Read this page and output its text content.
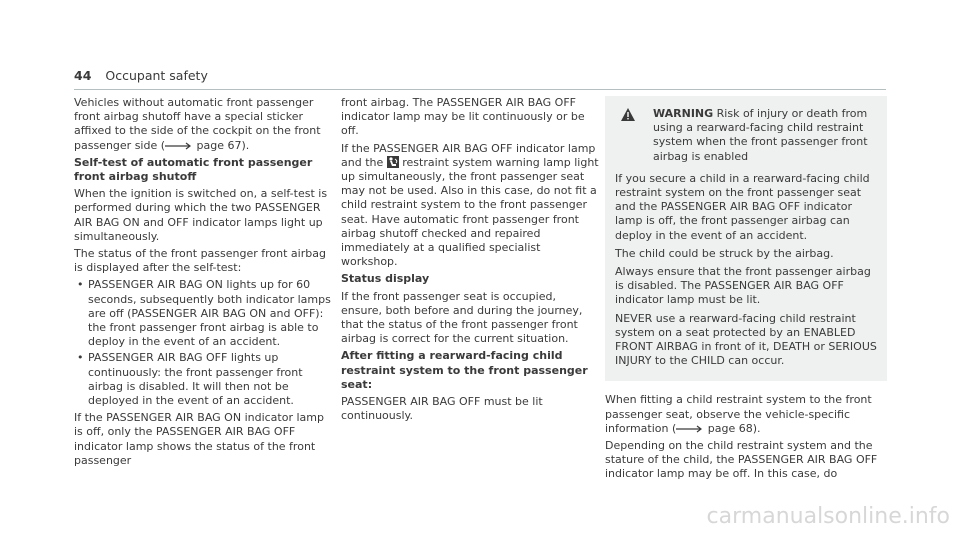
44 Occupant safety

Vehicles without automatic front passenger front airbag shutoff have a special sticker affixed to the side of the cockpit on the front passenger side (	page 67).

Self-test of automatic front passenger front airbag shutoff

When the ignition is switched on, a self-test is performed during which the two PASSENGER AIR BAG ON and OFF indicator lamps light up simultaneously.

The status of the front passenger front airbag is displayed after the self-test:

• PASSENGER AIR BAG ON lights up for 60 seconds, subsequently both indicator lamps are off (PASSENGER AIR BAG ON and OFF): the front passenger front airbag is able to deploy in the event of an accident.
• PASSENGER AIR BAG OFF lights up continuously: the front passenger front airbag is disabled. It will then not be deployed in the event of an accident.

If the PASSENGER AIR BAG ON indicator lamp is off, only the PASSENGER AIR BAG OFF indicator lamp shows the status of the front passenger

front airbag. The PASSENGER AIR BAG OFF indicator lamp may be lit continuously or be off.

If the PASSENGER AIR BAG OFF indicator lamp and the restraint system warning lamp light up simultaneously, the front passenger seat may not be used. Also in this case, do not fit a child restraint system to the front passenger seat. Have automatic front passenger front airbag shutoff checked and repaired immediately at a qualified specialist workshop.

Status display

If the front passenger seat is occupied, ensure, both before and during the journey, that the status of the front passenger front airbag is correct for the current situation.

After fitting a rearward-facing child restraint system to the front passenger seat:

PASSENGER AIR BAG OFF must be lit continuously.

WARNING Risk of injury or death from using a rearward-facing child restraint system when the front passenger front airbag is enabled

If you secure a child in a rearward-facing child restraint system on the front passenger seat and the PASSENGER AIR BAG OFF indicator lamp is off, the front passenger airbag can deploy in the event of an accident.

The child could be struck by the airbag.

Always ensure that the front passenger airbag is disabled. The PASSENGER AIR BAG OFF indicator lamp must be lit.

NEVER use a rearward-facing child restraint system on a seat protected by an ENABLED FRONT AIRBAG in front of it, DEATH or SERIOUS INJURY to the CHILD can occur.

When fitting a child restraint system to the front passenger seat, observe the vehicle-specific information (	page 68).

Depending on the child restraint system and the stature of the child, the PASSENGER AIR BAG OFF indicator lamp may be off. In this case, do

carmanualsonline.info
